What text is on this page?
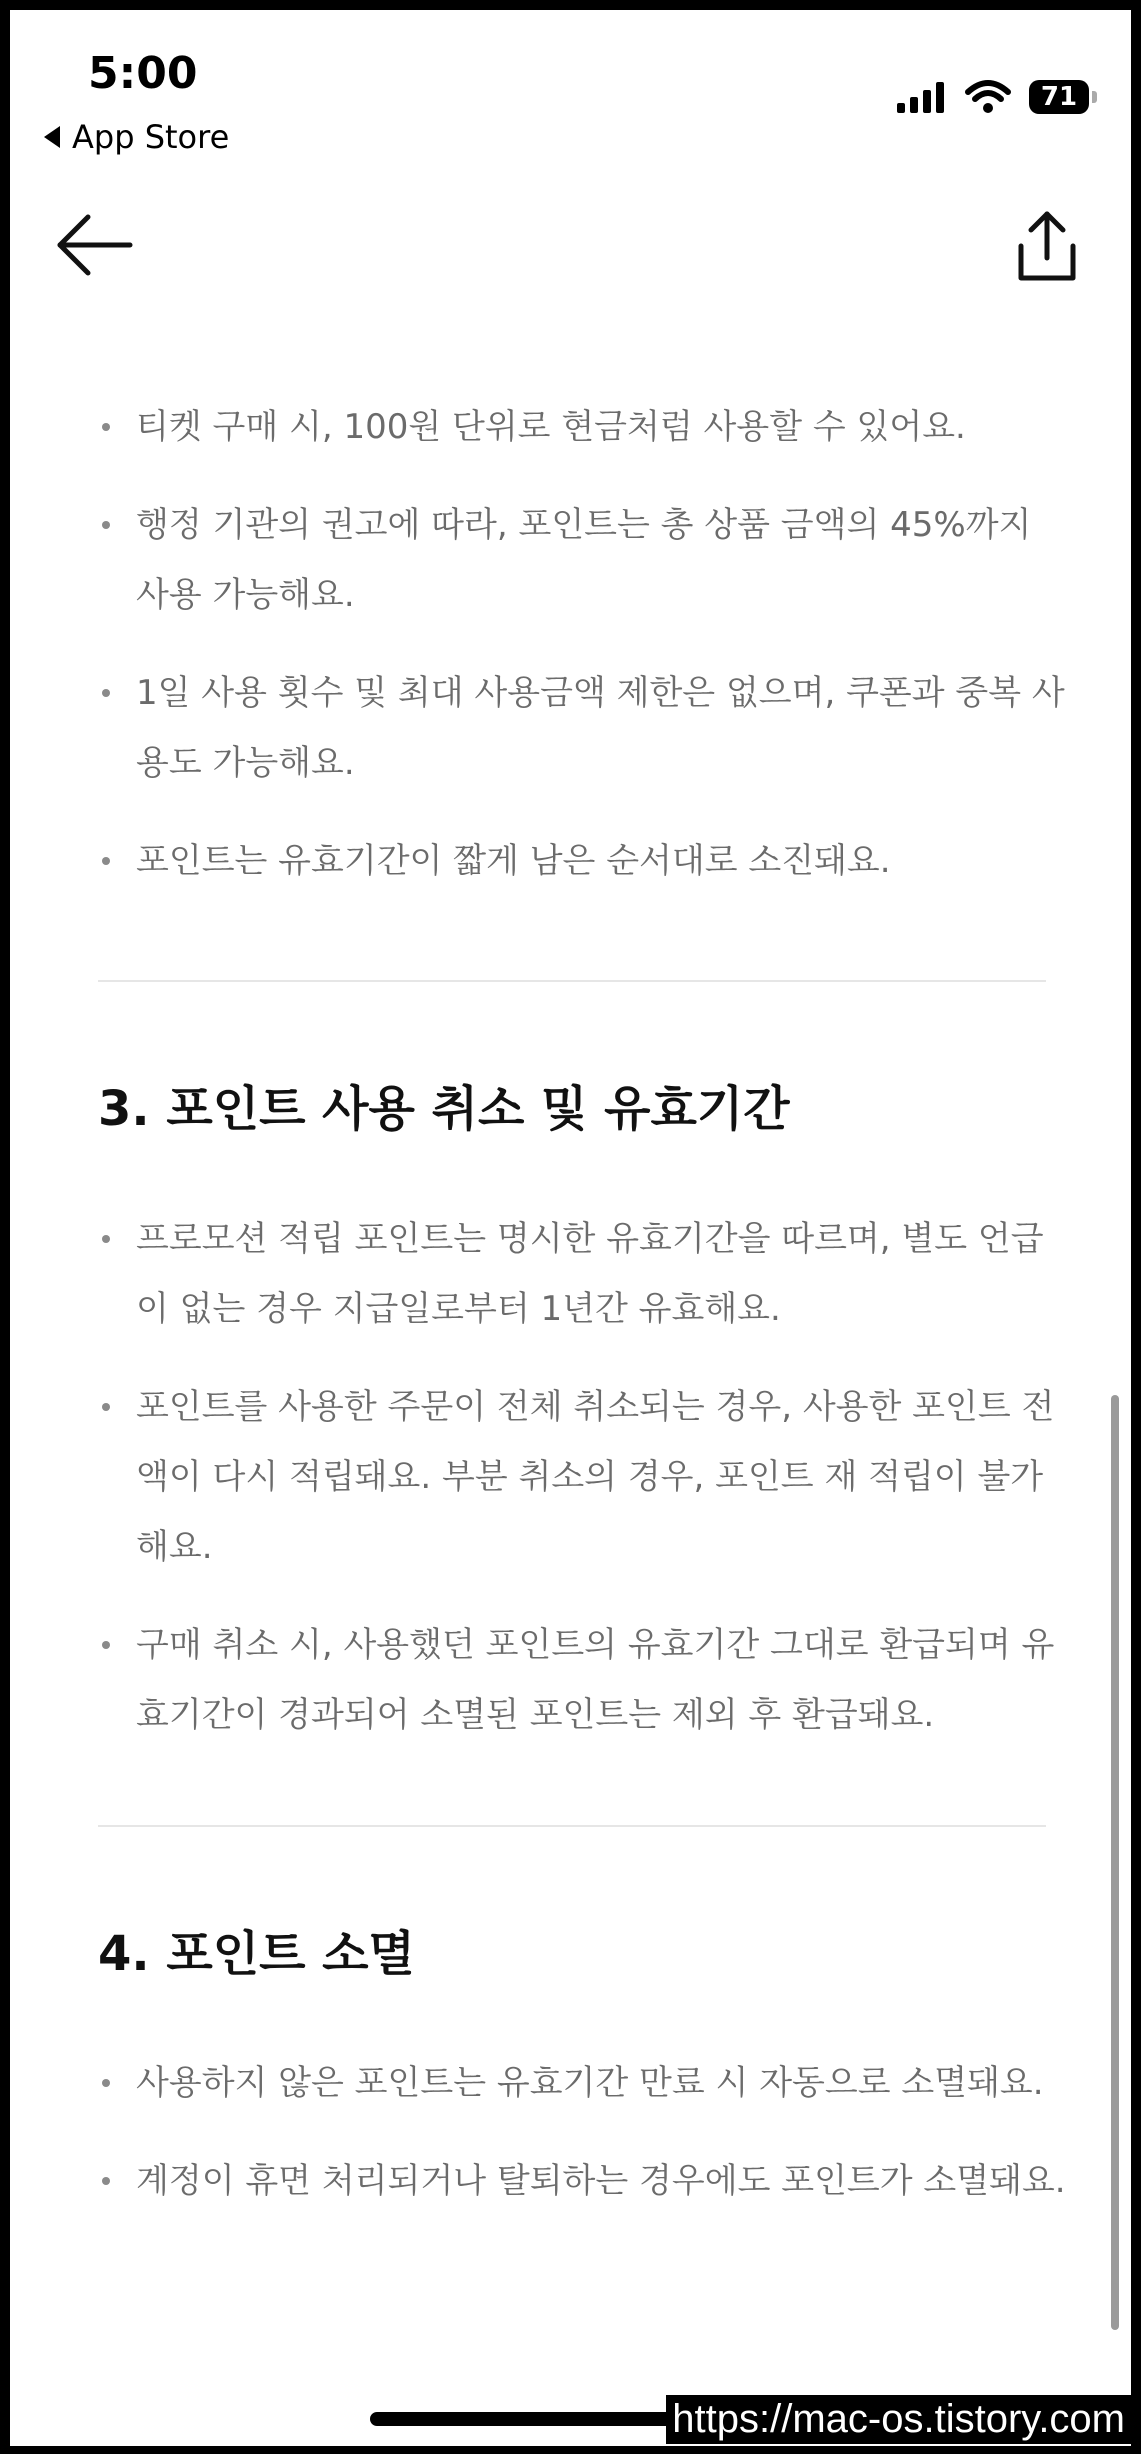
5:00
App Store
71
티켓 구매 시, 100원 단위로 현금처럼 사용할 수 있어요.
행정 기관의 권고에 따라, 포인트는 총 상품 금액의 45%까지 사용 가능해요.
1일 사용 횟수 및 최대 사용금액 제한은 없으며, 쿠폰과 중복 사용도 가능해요.
포인트는 유효기간이 짧게 남은 순서대로 소진돼요.
3. 포인트 사용 취소 및 유효기간
프로모션 적립 포인트는 명시한 유효기간을 따르며, 별도 언급이 없는 경우 지급일로부터 1년간 유효해요.
포인트를 사용한 주문이 전체 취소되는 경우, 사용한 포인트 전액이 다시 적립돼요. 부분 취소의 경우, 포인트 재 적립이 불가해요.
구매 취소 시, 사용했던 포인트의 유효기간 그대로 환급되며 유효기간이 경과되어 소멸된 포인트는 제외 후 환급돼요.
4. 포인트 소멸
사용하지 않은 포인트는 유효기간 만료 시 자동으로 소멸돼요.
계정이 휴면 처리되거나 탈퇴하는 경우에도 포인트가 소멸돼요.
https://mac-os.tistory.com
